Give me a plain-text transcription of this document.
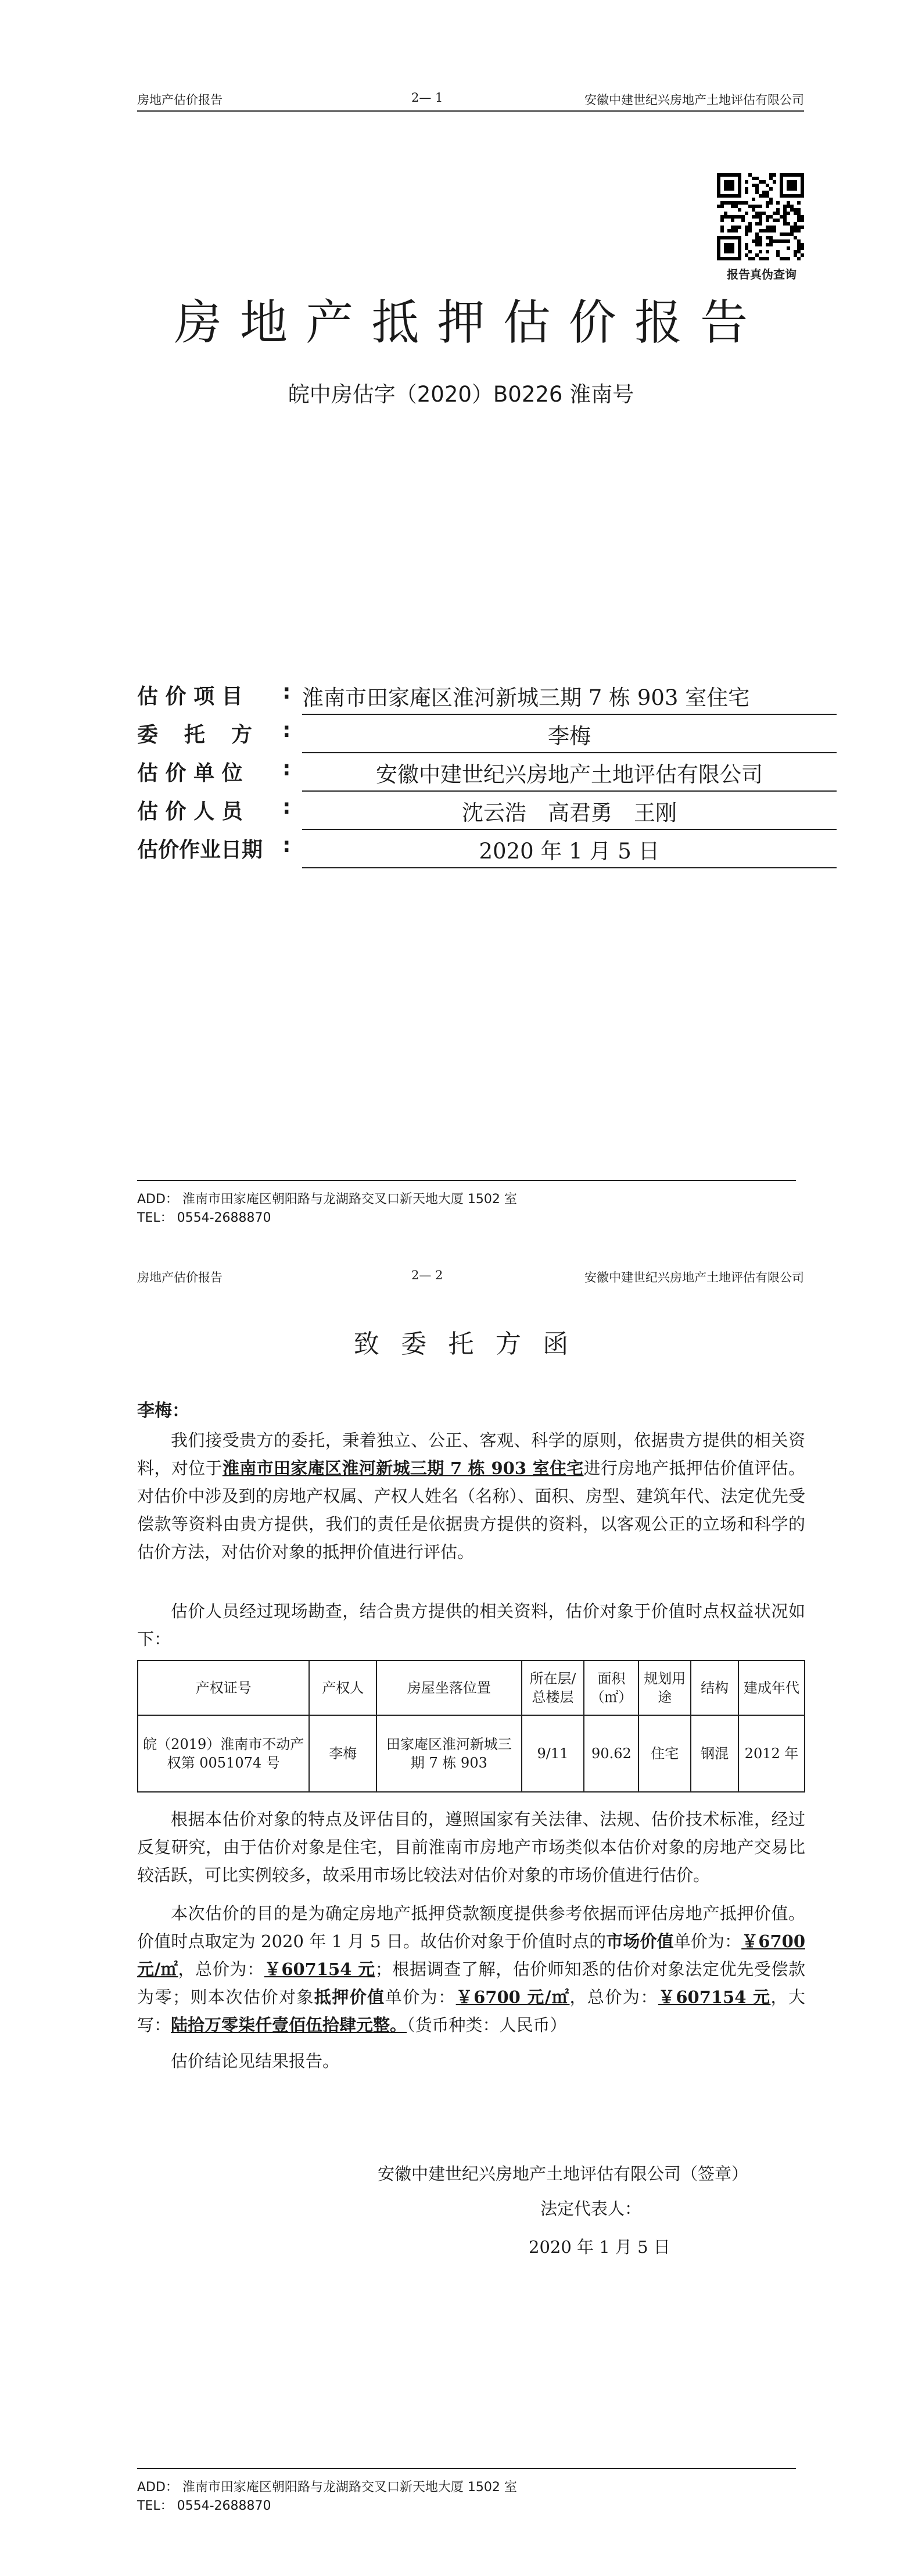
房地产估价报告	2— 1	安徽中建世纪兴房地产土地评估有限公司
报告真伪查询
房地产抵押估价报告
皖中房估字（2020）B0226 淮南号
估 价 项 目 : 淮南市田家庵区淮河新城三期 7 栋 903 室住宅
委 托 方 :	李梅
估 价 单 位 :	安徽中建世纪兴房地产土地评估有限公司
估 价 人 员 :	沈云浩　高君勇　王刚
估价作业日期 :	2020 年 1 月 5 日
ADD： 淮南市田家庵区朝阳路与龙湖路交叉口新天地大厦 1502 室
TEL： 0554-2688870
房地产估价报告	2— 2	安徽中建世纪兴房地产土地评估有限公司
致委托方函
李梅：

我们接受贵方的委托，秉着独立、公正、客观、科学的原则，依据贵方提供的相关资料，对位于淮南市田家庵区淮河新城三期 7 栋 903 室住宅进行房地产抵押估价值评估。对估价中涉及到的房地产权属、产权人姓名（名称）、面积、房型、建筑年代、法定优先受偿款等资料由贵方提供，我们的责任是依据贵方提供的资料，以客观公正的立场和科学的估价方法，对估价对象的抵押价值进行评估。

估价人员经过现场勘查，结合贵方提供的相关资料，估价对象于价值时点权益状况如下：

产权证号	产权人	房屋坐落位置	所在层/总楼层	面积（㎡）	规划用途	结构	建成年代
皖（2019）淮南市不动产权第 0051074 号	李梅	田家庵区淮河新城三期 7 栋 903	9/11	90.62	住宅	钢混	2012 年

根据本估价对象的特点及评估目的，遵照国家有关法律、法规、估价技术标准，经过反复研究，由于估价对象是住宅，目前淮南市房地产市场类似本估价对象的房地产交易比较活跃，可比实例较多，故采用市场比较法对估价对象的市场价值进行估价。

本次估价的目的是为确定房地产抵押贷款额度提供参考依据而评估房地产抵押价值。价值时点取定为 2020 年 1 月 5 日。故估价对象于价值时点的市场价值单价为：￥6700 元/㎡，总价为：￥607154 元；根据调查了解，估价师知悉的估价对象法定优先受偿款为零；则本次估价对象抵押价值单价为：￥6700 元/㎡，总价为：￥607154 元，大写：陆拾万零柒仟壹佰伍拾肆元整。（货币种类：人民币）

估价结论见结果报告。

安徽中建世纪兴房地产土地评估有限公司（签章）
法定代表人：
2020 年 1 月 5 日
ADD： 淮南市田家庵区朝阳路与龙湖路交叉口新天地大厦 1502 室
TEL： 0554-2688870
